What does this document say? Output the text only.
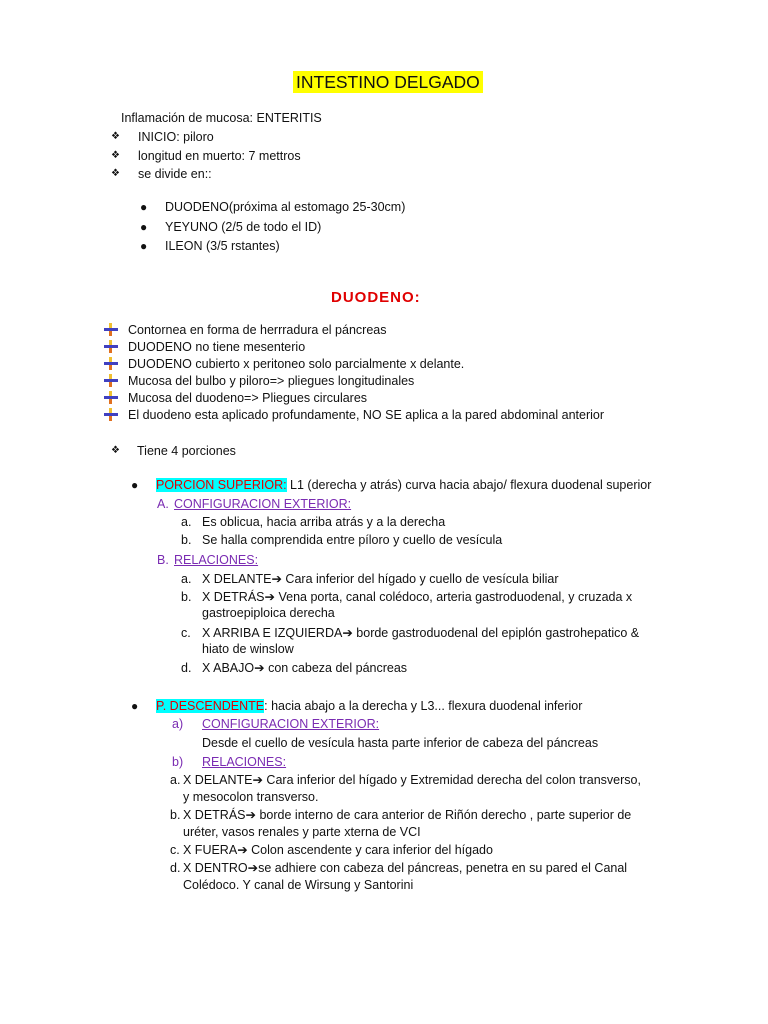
INTESTINO DELGADO
Inflamación de mucosa: ENTERITIS
❖ INICIO: piloro
❖ longitud en muerto: 7 mettros
❖ se divide en::
● DUODENO(próxima al estomago 25-30cm)
● YEYUNO (2/5 de todo el ID)
● ILEON (3/5 rstantes)
DUODENO:
Contornea en forma de herrradura el páncreas
DUODENO no tiene mesenterio
DUODENO cubierto x peritoneo solo parcialmente x delante.
Mucosa del bulbo y piloro=> pliegues longitudinales
Mucosa del duodeno=> Pliegues circulares
El duodeno esta aplicado profundamente, NO SE aplica a la pared abdominal anterior
❖ Tiene 4 porciones
● PORCION SUPERIOR: L1 (derecha y atrás) curva hacia abajo/ flexura duodenal superior
A. CONFIGURACION EXTERIOR:
a. Es oblicua, hacia arriba atrás y a la derecha
b. Se halla comprendida entre píloro y cuello de vesícula
B. RELACIONES:
a. X DELANTE➔ Cara inferior del hígado y cuello de vesícula biliar
b. X DETRÁS➔ Vena porta, canal colédoco, arteria gastroduodenal, y cruzada x
gastroepiploica derecha
c. X ARRIBA E IZQUIERDA➔ borde gastroduodenal del epiplón gastrohepatico &
hiato de winslow
d. X ABAJO➔ con cabeza del páncreas
● P. DESCENDENTE: hacia abajo a la derecha y L3... flexura duodenal inferior
a) CONFIGURACION EXTERIOR:
Desde el cuello de vesícula hasta parte inferior de cabeza del páncreas
b) RELACIONES:
a. X DELANTE➔ Cara inferior del hígado y Extremidad derecha del colon transverso,
y mesocolon transverso.
b. X DETRÁS➔ borde interno de cara anterior de Riñón derecho , parte superior de
uréter, vasos renales y parte xterna de VCI
c. X FUERA➔ Colon ascendente y cara inferior del hígado
d. X DENTRO➔se adhiere con cabeza del páncreas, penetra en su pared el Canal
Colédoco. Y canal de Wirsung y Santorini
